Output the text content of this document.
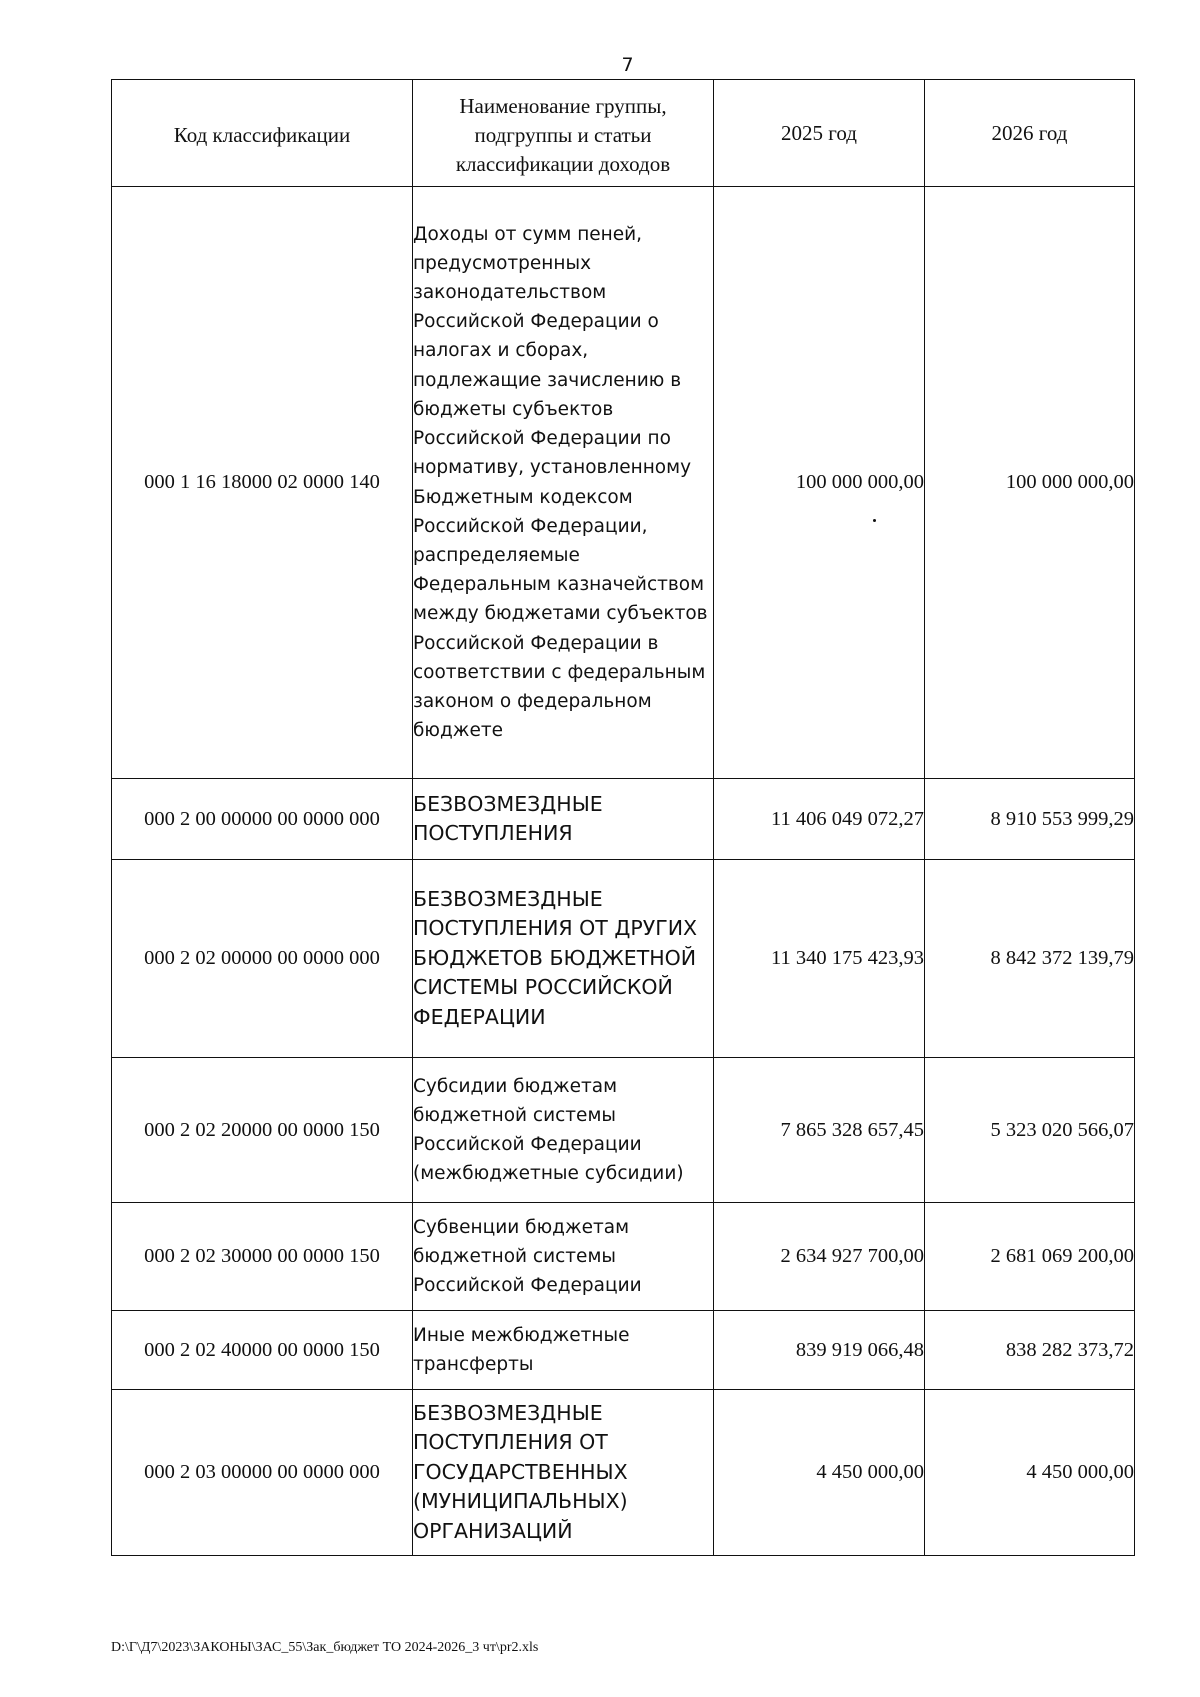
7
Код классификации	Наименование группы, подгруппы и статьи классификации доходов	2025 год	2026 год
000 1 16 18000 02 0000 140	Доходы от сумм пеней, предусмотренных законодательством Российской Федерации о налогах и сборах, подлежащие зачислению в бюджеты субъектов Российской Федерации по нормативу, установленному Бюджетным кодексом Российской Федерации, распределяемые Федеральным казначейством между бюджетами субъектов Российской Федерации в соответствии с федеральным законом о федеральном бюджете	100 000 000,00	100 000 000,00
000 2 00 00000 00 0000 000	БЕЗВОЗМЕЗДНЫЕ ПОСТУПЛЕНИЯ	11 406 049 072,27	8 910 553 999,29
000 2 02 00000 00 0000 000	БЕЗВОЗМЕЗДНЫЕ ПОСТУПЛЕНИЯ ОТ ДРУГИХ БЮДЖЕТОВ БЮДЖЕТНОЙ СИСТЕМЫ РОССИЙСКОЙ ФЕДЕРАЦИИ	11 340 175 423,93	8 842 372 139,79
000 2 02 20000 00 0000 150	Субсидии бюджетам бюджетной системы Российской Федерации (межбюджетные субсидии)	7 865 328 657,45	5 323 020 566,07
000 2 02 30000 00 0000 150	Субвенции бюджетам бюджетной системы Российской Федерации	2 634 927 700,00	2 681 069 200,00
000 2 02 40000 00 0000 150	Иные межбюджетные трансферты	839 919 066,48	838 282 373,72
000 2 03 00000 00 0000 000	БЕЗВОЗМЕЗДНЫЕ ПОСТУПЛЕНИЯ ОТ ГОСУДАРСТВЕННЫХ (МУНИЦИПАЛЬНЫХ) ОРГАНИЗАЦИЙ	4 450 000,00	4 450 000,00
D:\Г\Д7\2023\ЗАКОНЫ\ЗАС_55\Зак_бюджет ТО 2024-2026_3 чт\pr2.xls
